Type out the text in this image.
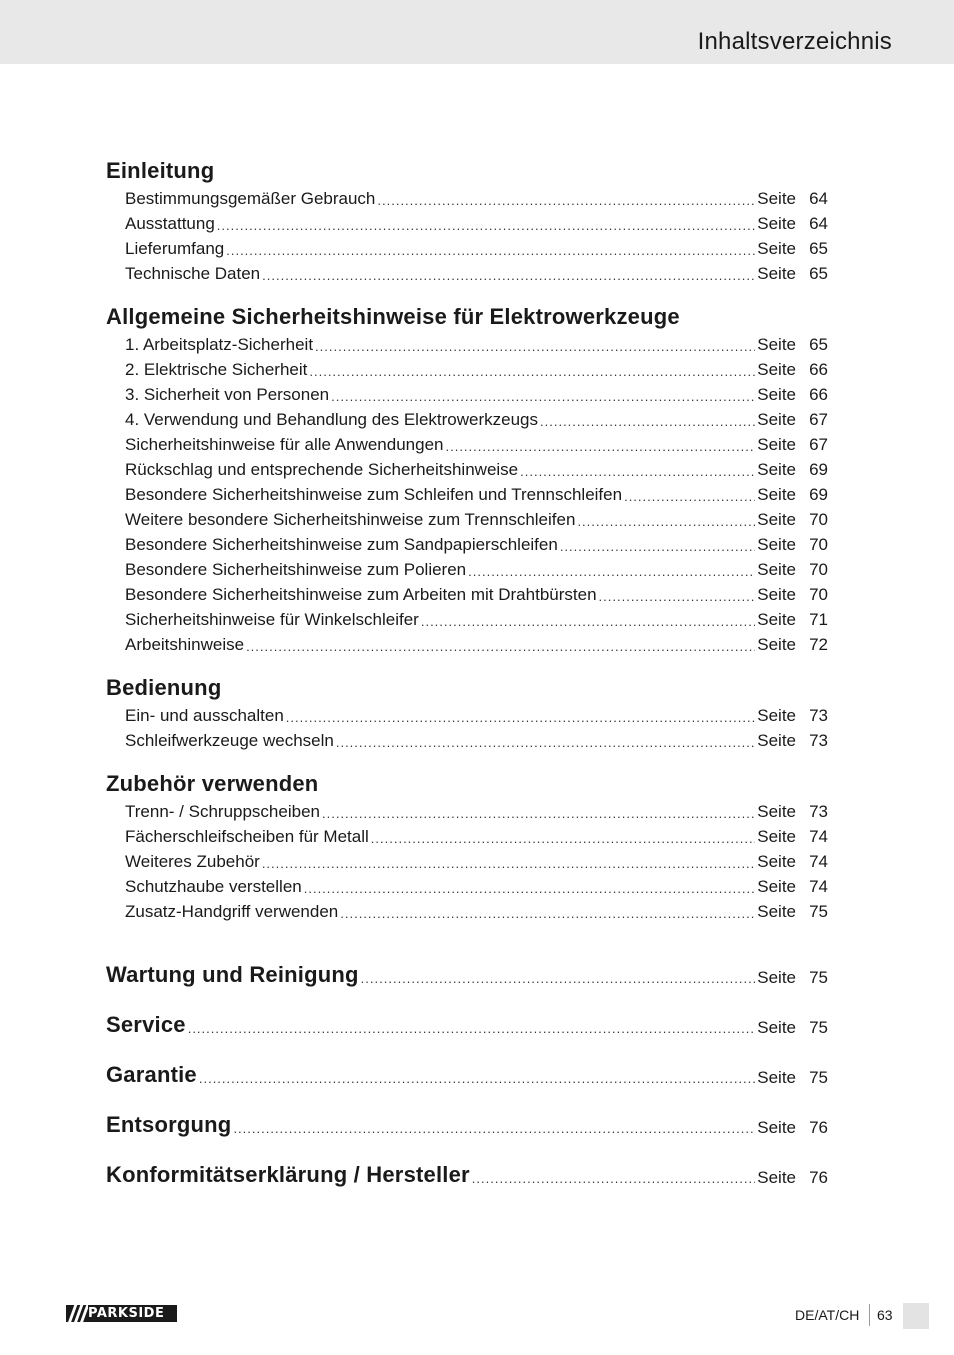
Inhaltsverzeichnis
Einleitung
Bestimmungsgemäßer Gebrauch .....	Seite 64
Ausstattung .....	Seite 64
Lieferumfang .....	Seite 65
Technische Daten .....	Seite 65
Allgemeine Sicherheitshinweise für Elektrowerkzeuge
1. Arbeitsplatz-Sicherheit .....	Seite 65
2. Elektrische Sicherheit .....	Seite 66
3. Sicherheit von Personen .....	Seite 66
4. Verwendung und Behandlung des Elektrowerkzeugs .....	Seite 67
Sicherheitshinweise für alle Anwendungen .....	Seite 67
Rückschlag und entsprechende Sicherheitshinweise .....	Seite 69
Besondere Sicherheitshinweise zum Schleifen und Trennschleifen .....	Seite 69
Weitere besondere Sicherheitshinweise zum Trennschleifen .....	Seite 70
Besondere Sicherheitshinweise zum Sandpapierschleifen .....	Seite 70
Besondere Sicherheitshinweise zum Polieren .....	Seite 70
Besondere Sicherheitshinweise zum Arbeiten mit Drahtbürsten .....	Seite 70
Sicherheitshinweise für Winkelschleifer .....	Seite 71
Arbeitshinweise .....	Seite 72
Bedienung
Ein- und ausschalten .....	Seite 73
Schleifwerkzeuge wechseln .....	Seite 73
Zubehör verwenden
Trenn- / Schruppscheiben .....	Seite 73
Fächerschleifscheiben für Metall .....	Seite 74
Weiteres Zubehör .....	Seite 74
Schutzhaube verstellen .....	Seite 74
Zusatz-Handgriff verwenden .....	Seite 75
Wartung und Reinigung .....	Seite 75
Service .....	Seite 75
Garantie .....	Seite 75
Entsorgung .....	Seite 76
Konformitätserklärung / Hersteller .....	Seite 76
PARKSIDE	DE/AT/CH 63
